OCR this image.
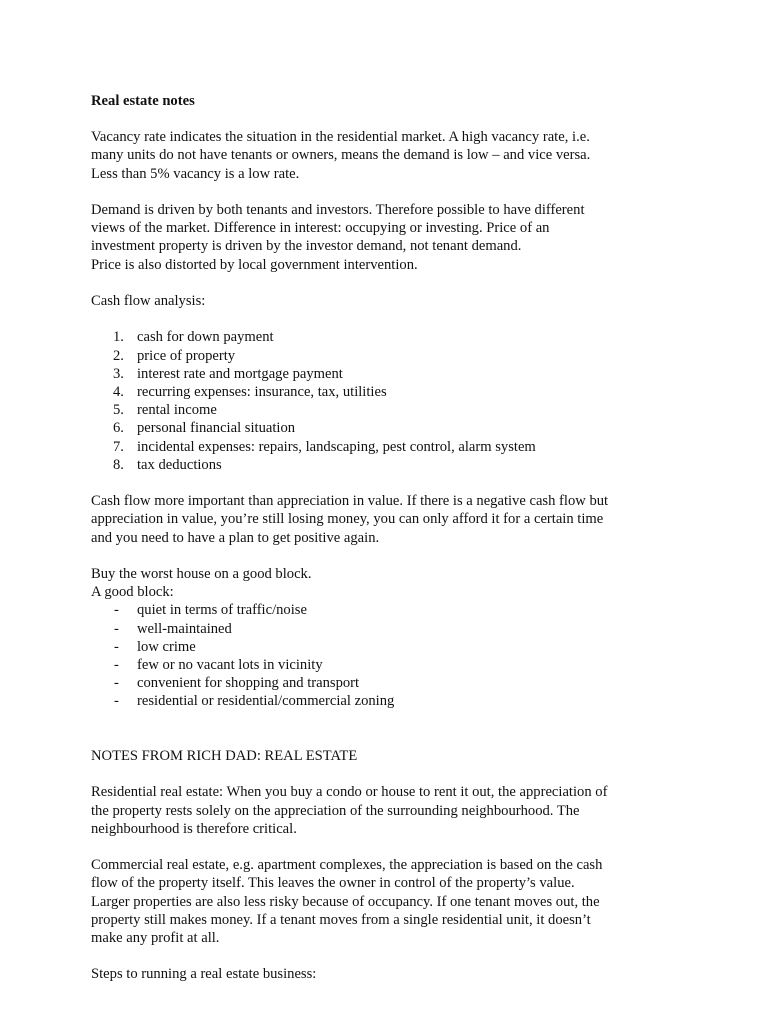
Real estate notes

Vacancy rate indicates the situation in the residential market. A high vacancy rate, i.e.
many units do not have tenants or owners, means the demand is low – and vice versa.
Less than 5% vacancy is a low rate.

Demand is driven by both tenants and investors. Therefore possible to have different
views of the market. Difference in interest: occupying or investing. Price of an
investment property is driven by the investor demand, not tenant demand.
Price is also distorted by local government intervention.

Cash flow analysis:

1. cash for down payment
2. price of property
3. interest rate and mortgage payment
4. recurring expenses: insurance, tax, utilities
5. rental income
6. personal financial situation
7. incidental expenses: repairs, landscaping, pest control, alarm system
8. tax deductions

Cash flow more important than appreciation in value. If there is a negative cash flow but
appreciation in value, you’re still losing money, you can only afford it for a certain time
and you need to have a plan to get positive again.

Buy the worst house on a good block.
A good block:
- quiet in terms of traffic/noise
- well-maintained
- low crime
- few or no vacant lots in vicinity
- convenient for shopping and transport
- residential or residential/commercial zoning

NOTES FROM RICH DAD: REAL ESTATE

Residential real estate: When you buy a condo or house to rent it out, the appreciation of
the property rests solely on the appreciation of the surrounding neighbourhood. The
neighbourhood is therefore critical.

Commercial real estate, e.g. apartment complexes, the appreciation is based on the cash
flow of the property itself. This leaves the owner in control of the property’s value.
Larger properties are also less risky because of occupancy. If one tenant moves out, the
property still makes money. If a tenant moves from a single residential unit, it doesn’t
make any profit at all.

Steps to running a real estate business:
